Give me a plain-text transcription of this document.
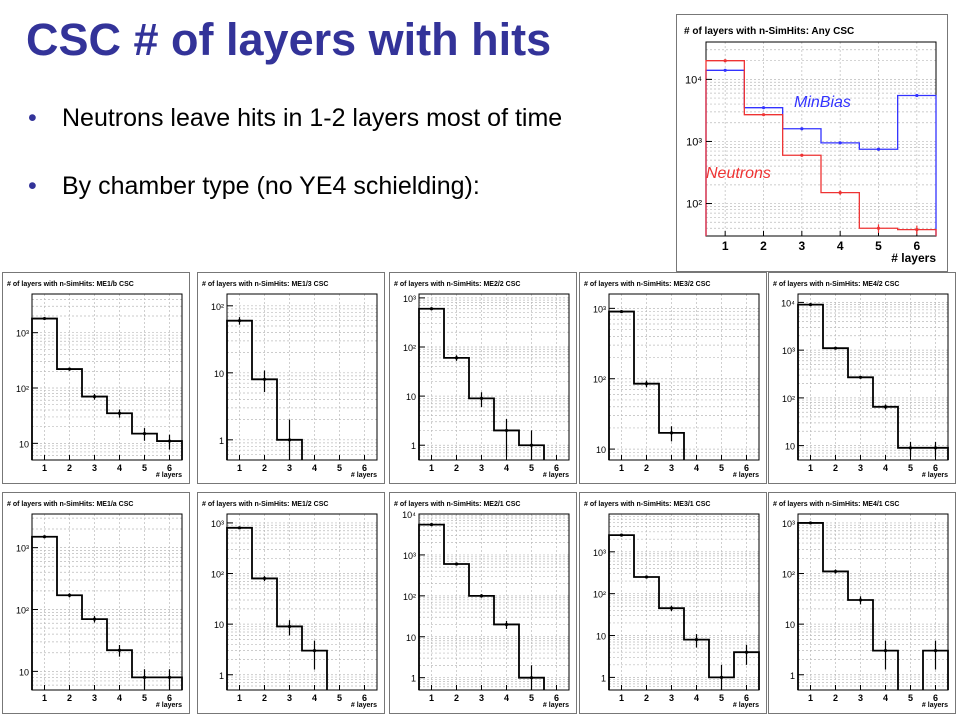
CSC # of layers with hits
• Neutrons leave hits in 1-2 layers most of time
• By chamber type (no YE4 schielding):
# of layers with n-SimHits: Any CSC
1	2	3	4	5	6
# layers
10²
10³
10⁴
MinBias
Neutrons
# of layers with n-SimHits: ME1/b CSC
10
10²
10³
1 2 3 4 5 6
# layers
# of layers with n-SimHits: ME1/3 CSC
1
10
10²
1 2 3 4 5 6
# layers
# of layers with n-SimHits: ME2/2 CSC
1
10
10²
10³
1 2 3 4 5 6
# layers
# of layers with n-SimHits: ME3/2 CSC
10
10²
10³
1 2 3 4 5 6
# layers
# of layers with n-SimHits: ME4/2 CSC
10
10²
10³
10⁴
1 2 3 4 5 6
# layers
# of layers with n-SimHits: ME1/a CSC
10
10²
10³
1 2 3 4 5 6
# layers
# of layers with n-SimHits: ME1/2 CSC
1
10
10²
10³
1 2 3 4 5 6
# layers
# of layers with n-SimHits: ME2/1 CSC
1
10
10²
10³
10⁴
1 2 3 4 5 6
# layers
# of layers with n-SimHits: ME3/1 CSC
1
10
10²
10³
1 2 3 4 5 6
# layers
# of layers with n-SimHits: ME4/1 CSC
1
10
10²
10³
1 2 3 4 5 6
# layers
